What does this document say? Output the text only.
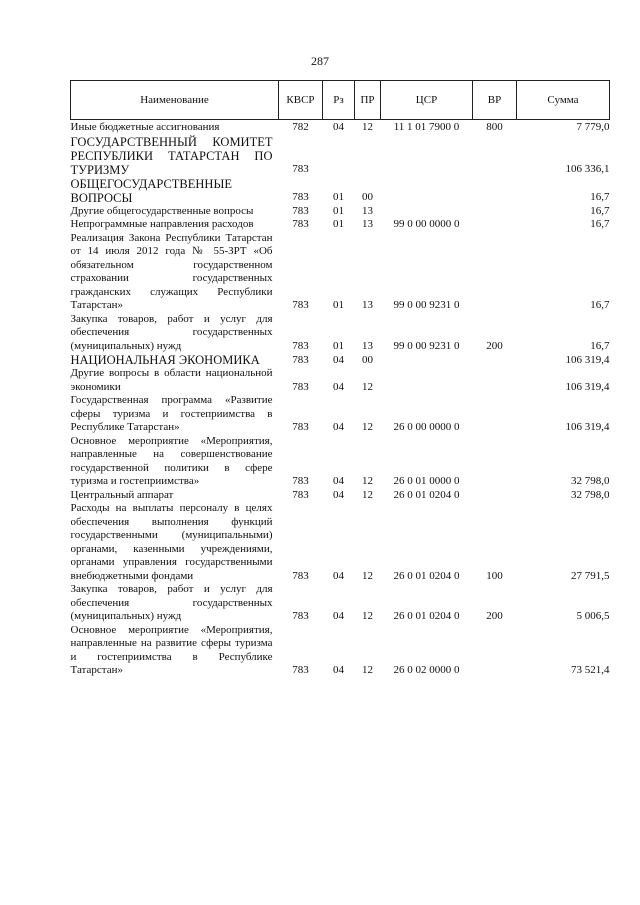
287
Наименование	КВСР	Рз	ПР	ЦСР	ВР	Сумма
Иные бюджетные ассигнования	782	04	12	11 1 01 7900 0	800	7 779,0
ГОСУДАРСТВЕННЫЙ КОМИТЕТ РЕСПУБЛИКИ ТАТАРСТАН ПО ТУРИЗМУ	783					106 336,1
ОБЩЕГОСУДАРСТВЕННЫЕ ВОПРОСЫ	783	01	00			16,7
Другие общегосударственные вопросы	783	01	13			16,7
Непрограммные направления расходов	783	01	13	99 0 00 0000 0		16,7
Реализация Закона Республики Татарстан от 14 июля 2012 года № 55-ЗРТ «Об обязательном государственном страховании государственных гражданских служащих Республики Татарстан»	783	01	13	99 0 00 9231 0		16,7
Закупка товаров, работ и услуг для обеспечения государственных (муниципальных) нужд	783	01	13	99 0 00 9231 0	200	16,7
НАЦИОНАЛЬНАЯ ЭКОНОМИКА	783	04	00			106 319,4
Другие вопросы в области национальной экономики	783	04	12			106 319,4
Государственная программа «Развитие сферы туризма и гостеприимства в Республике Татарстан»	783	04	12	26 0 00 0000 0		106 319,4
Основное мероприятие «Мероприятия, направленные на совершенствование государственной политики в сфере туризма и гостеприимства»	783	04	12	26 0 01 0000 0		32 798,0
Центральный аппарат	783	04	12	26 0 01 0204 0		32 798,0
Расходы на выплаты персоналу в целях обеспечения выполнения функций государственными (муниципальными) органами, казенными учреждениями, органами управления государственными внебюджетными фондами	783	04	12	26 0 01 0204 0	100	27 791,5
Закупка товаров, работ и услуг для обеспечения государственных (муниципальных) нужд	783	04	12	26 0 01 0204 0	200	5 006,5
Основное мероприятие «Мероприятия, направленные на развитие сферы туризма и гостеприимства в Республике Татарстан»	783	04	12	26 0 02 0000 0		73 521,4
